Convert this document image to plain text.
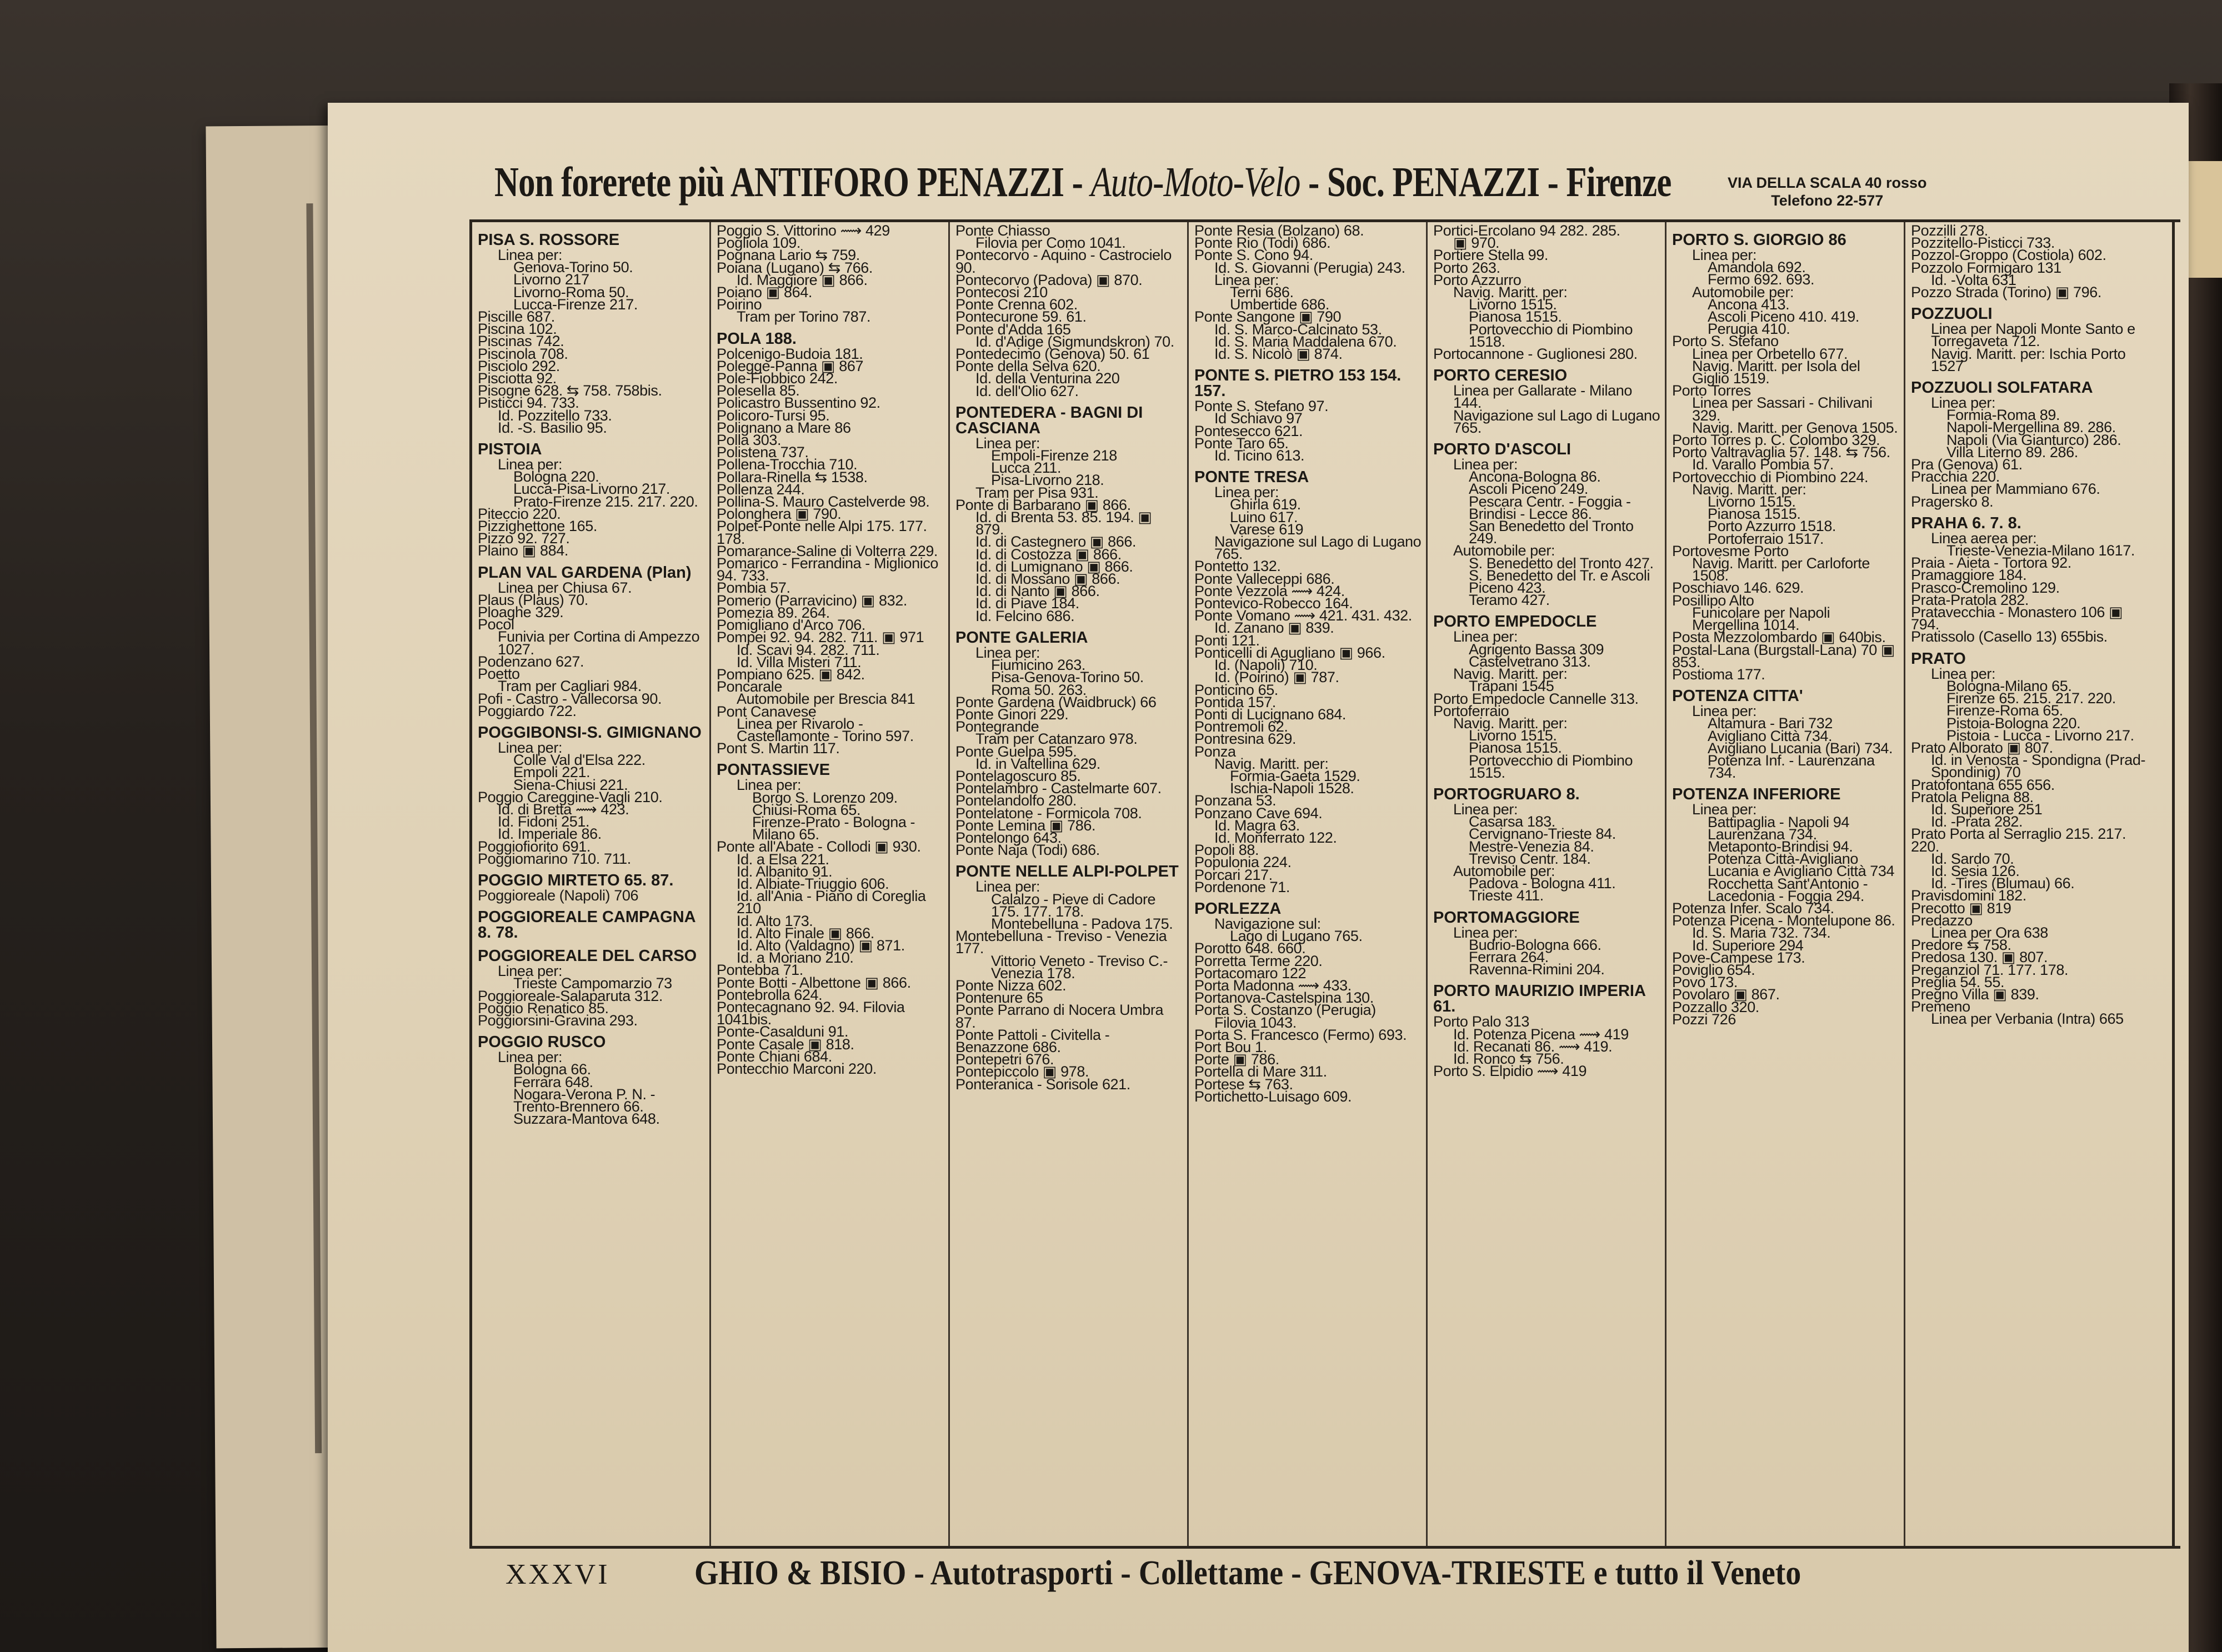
Non forerete più ANTIFORO PENAZZI - Auto-Moto-Velo - Soc. PENAZZI - Firenze	VIA DELLA SCALA 40 rosso
Telefono 22-577
PISA S. ROSSORE
Linea per:
Genova-Torino 50.
Livorno 217
Livorno-Roma 50.
Lucca-Firenze 217.
Piscille 687.
Piscina 102.
Piscinas 742.
Piscinola 708.
Pisciolo 292.
Pisciotta 92.
Pisogne 628. ⇆ 758. 758bis.
Pisticci 94. 733.
Id. Pozzitello 733.
Id. -S. Basilio 95.
PISTOIA
Linea per:
Bologna 220.
Lucca-Pisa-Livorno 217.
Prato-Firenze 215. 217. 220.
Piteccio 220.
Pizzighettone 165.
Pizzo 92. 727.
Plaino ▣ 884.
PLAN VAL GARDENA (Plan)
Linea per Chiusa 67.
Plaus (Plaus) 70.
Ploaghe 329.
Pocol
Funivia per Cortina di Ampezzo 1027.
Podenzano 627.
Poetto
Tram per Cagliari 984.
Pofi - Castro - Vallecorsa 90.
Poggiardo 722.
POGGIBONSI-S. GIMIGNANO
Linea per:
Colle Val d'Elsa 222.
Empoli 221.
Siena-Chiusi 221.
Poggio Careggine-Vagli 210.
Id. di Bretta ⟿ 423.
Id. Fidoni 251.
Id. Imperiale 86.
Poggiofiorito 691.
Poggiomarino 710. 711.
POGGIO MIRTETO 65. 87.
Poggioreale (Napoli) 706
POGGIOREALE CAMPAGNA 8. 78.
POGGIOREALE DEL CARSO
Linea per:
Trieste Campomarzio 73
Poggioreale-Salaparuta 312.
Poggio Renatico 85.
Poggiorsini-Gravina 293.
POGGIO RUSCO
Linea per:
Bologna 66.
Ferrara 648.
Nogara-Verona P. N. - Trento-Brennero 66.
Suzzara-Mantova 648.
Poggio S. Vittorino ⟿ 429
Pogliola 109.
Pognana Lario ⇆ 759.
Poiana (Lugano) ⇆ 766.
Id. Maggiore ▣ 866.
Poiano ▣ 864.
Poirino
Tram per Torino 787.
POLA 188.
Polcenigo-Budoia 181.
Polegge-Panna ▣ 867
Pole-Fiobbico 242.
Polesella 85.
Policastro Bussentino 92.
Policoro-Tursi 95.
Polignano a Mare 86
Polla 303.
Polistena 737.
Pollena-Trocchia 710.
Pollara-Rinella ⇆ 1538.
Pollenza 244.
Pollina-S. Mauro Castelverde 98.
Polonghera ▣ 790.
Polpet-Ponte nelle Alpi 175. 177. 178.
Pomarance-Saline di Volterra 229.
Pomarico - Ferrandina - Miglionico 94. 733.
Pombia 57.
Pomerio (Parravicino) ▣ 832.
Pomezia 89. 264.
Pomigliano d'Arco 706.
Pompei 92. 94. 282. 711. ▣ 971
Id. Scavi 94. 282. 711.
Id. Villa Misteri 711.
Pompiano 625. ▣ 842.
Poncarale
Automobile per Brescia 841
Pont Canavese
Linea per Rivarolo - Castellamonte - Torino 597.
Pont S. Martin 117.
PONTASSIEVE
Linea per:
Borgo S. Lorenzo 209.
Chiusi-Roma 65.
Firenze-Prato - Bologna - Milano 65.
Ponte all'Abate - Collodi ▣ 930.
Id. a Elsa 221.
Id. Albanito 91.
Id. Albiate-Triuggio 606.
Id. all'Ania - Piano di Coreglia 210
Id. Alto 173.
Id. Alto Finale ▣ 866.
Id. Alto (Valdagno) ▣ 871.
Id. a Moriano 210.
Pontebba 71.
Ponte Botti - Albettone ▣ 866.
Pontebrolla 624.
Pontecagnano 92. 94. Filovia 1041bis.
Ponte-Casalduni 91.
Ponte Casale ▣ 818.
Ponte Chiani 684.
Pontecchio Marconi 220.
Ponte Chiasso
Filovia per Como 1041.
Pontecorvo - Aquino - Castrocielo 90.
Pontecorvo (Padova) ▣ 870.
Pontecosi 210
Ponte Crenna 602.
Pontecurone 59. 61.
Ponte d'Adda 165
Id. d'Adige (Sigmundskron) 70.
Pontedecimo (Genova) 50. 61
Ponte della Selva 620.
Id. della Venturina 220
Id. dell'Olio 627.
PONTEDERA - BAGNI DI CASCIANA
Linea per:
Empoli-Firenze 218
Lucca 211.
Pisa-Livorno 218.
Tram per Pisa 931.
Ponte di Barbarano ▣ 866.
Id. di Brenta 53. 85. 194. ▣ 879.
Id. di Castegnero ▣ 866.
Id. di Costozza ▣ 866.
Id. di Lumignano ▣ 866.
Id. di Mossano ▣ 866.
Id. di Nanto ▣ 866.
Id. di Piave 184.
Id. Felcino 686.
PONTE GALERIA
Linea per:
Fiumicino 263.
Pisa-Genova-Torino 50.
Roma 50. 263.
Ponte Gardena (Waidbruck) 66
Ponte Ginori 229.
Pontegrande
Tram per Catanzaro 978.
Ponte Guelpa 595.
Id. in Valtellina 629.
Pontelagoscuro 85.
Pontelambro - Castelmarte 607.
Pontelandolfo 280.
Pontelatone - Formicola 708.
Ponte Lemina ▣ 786.
Pontelongo 643.
Ponte Naja (Todi) 686.
PONTE NELLE ALPI-POLPET
Linea per:
Calalzo - Pieve di Cadore 175. 177. 178.
Montebelluna - Padova 175.
Montebelluna - Treviso - Venezia 177.
Vittorio Veneto - Treviso C.-Venezia 178.
Ponte Nizza 602.
Pontenure 65
Ponte Parrano di Nocera Umbra 87.
Ponte Pattoli - Civitella - Benazzone 686.
Pontepetri 676.
Pontepiccolo ▣ 978.
Ponteranica - Sorisole 621.
Ponte Resia (Bolzano) 68.
Ponte Rio (Todi) 686.
Ponte S. Cono 94.
Id. S. Giovanni (Perugia) 243.
Linea per:
Terni 686.
Umbertide 686.
Ponte Sangone ▣ 790
Id. S. Marco-Calcinato 53.
Id. S. Maria Maddalena 670.
Id. S. Nicolò ▣ 874.
PONTE S. PIETRO 153 154. 157.
Ponte S. Stefano 97.
Id Schiavo 97
Pontesecco 621.
Ponte Taro 65.
Id. Ticino 613.
PONTE TRESA
Linea per:
Ghirla 619.
Luino 617.
Varese 619
Navigazione sul Lago di Lugano 765.
Pontetto 132.
Ponte Valleceppi 686.
Ponte Vezzola ⟿ 424.
Pontevico-Robecco 164.
Ponte Vomano ⟿ 421. 431. 432.
Id. Zanano ▣ 839.
Ponti 121.
Ponticelli di Agugliano ▣ 966.
Id. (Napoli) 710.
Id. (Poirino) ▣ 787.
Ponticino 65.
Pontida 157.
Ponti di Lucignano 684.
Pontremoli 62.
Pontresina 629.
Ponza
Navig. Maritt. per:
Formia-Gaeta 1529.
Ischia-Napoli 1528.
Ponzana 53.
Ponzano Cave 694.
Id. Magra 63.
Id. Monferrato 122.
Popoli 88.
Populonia 224.
Porcari 217.
Pordenone 71.
PORLEZZA
Navigazione sul:
Lago di Lugano 765.
Porotto 648. 660.
Porretta Terme 220.
Portacomaro 122
Porta Madonna ⟿ 433.
Portanova-Castelspina 130.
Porta S. Costanzo (Perugia)
Filovia 1043.
Porta S. Francesco (Fermo) 693.
Port Bou 1.
Porte ▣ 786.
Portella di Mare 311.
Portese ⇆ 763.
Portichetto-Luisago 609.
Portici-Ercolano 94 282. 285.
▣ 970.
Portiere Stella 99.
Porto 263.
Porto Azzurro
Navig. Maritt. per:
Livorno 1515.
Pianosa 1515.
Portovecchio di Piombino 1518.
Portocannone - Guglionesi 280.
PORTO CERESIO
Linea per Gallarate - Milano 144.
Navigazione sul Lago di Lugano 765.
PORTO D'ASCOLI
Linea per:
Ancona-Bologna 86.
Ascoli Piceno 249.
Pescara Centr. - Foggia - Brindisi - Lecce 86.
San Benedetto del Tronto 249.
Automobile per:
S. Benedetto del Tronto 427.
S. Benedetto del Tr. e Ascoli Piceno 423.
Teramo 427.
PORTO EMPEDOCLE
Linea per:
Agrigento Bassa 309
Castelvetrano 313.
Navig. Maritt. per:
Trapani 1545
Porto Empedocle Cannelle 313.
Portoferraio
Navig. Maritt. per:
Livorno 1515.
Pianosa 1515.
Portovecchio di Piombino 1515.
PORTOGRUARO 8.
Linea per:
Casarsa 183.
Cervignano-Trieste 84.
Mestre-Venezia 84.
Treviso Centr. 184.
Automobile per:
Padova - Bologna 411.
Trieste 411.
PORTOMAGGIORE
Linea per:
Budrio-Bologna 666.
Ferrara 264.
Ravenna-Rimini 204.
PORTO MAURIZIO IMPERIA 61.
Porto Palo 313
Id. Potenza Picena ⟿ 419
Id. Recanati 86. ⟿ 419.
Id. Ronco ⇆ 756.
Porto S. Elpidio ⟿ 419
PORTO S. GIORGIO 86
Linea per:
Amandola 692.
Fermo 692. 693.
Automobile per:
Ancona 413.
Ascoli Piceno 410. 419.
Perugia 410.
Porto S. Stefano
Linea per Orbetello 677.
Navig. Maritt. per Isola del Giglio 1519.
Porto Torres
Linea per Sassari - Chilivani 329.
Navig. Maritt. per Genova 1505.
Porto Torres p. C. Colombo 329.
Porto Valtravaglia 57. 148. ⇆ 756.
Id. Varallo Pombia 57.
Portovecchio di Piombino 224.
Navig. Maritt. per:
Livorno 1515.
Pianosa 1515.
Porto Azzurro 1518.
Portoferraio 1517.
Portovesme Porto
Navig. Maritt. per Carloforte 1508.
Poschiavo 146. 629.
Posillipo Alto
Funicolare per Napoli Mergellina 1014.
Posta Mezzolombardo ▣ 640bis.
Postal-Lana (Burgstall-Lana) 70 ▣ 853.
Postioma 177.
POTENZA CITTA'
Linea per:
Altamura - Bari 732
Avigliano Città 734.
Avigliano Lucania (Bari) 734.
Potenza Inf. - Laurenzana 734.
POTENZA INFERIORE
Linea per:
Battipaglia - Napoli 94
Laurenzana 734.
Metaponto-Brindisi 94.
Potenza Città-Avigliano Lucania e Avigliano Città 734
Rocchetta Sant'Antonio - Lacedonia - Foggia 294.
Potenza Infer. Scalo 734.
Potenza Picena - Montelupone 86.
Id. S. Maria 732. 734.
Id. Superiore 294
Pove-Campese 173.
Poviglio 654.
Povo 173.
Povolaro ▣ 867.
Pozzallo 320.
Pozzi 726
Pozzilli 278.
Pozzitello-Pisticci 733.
Pozzol-Groppo (Costiola) 602.
Pozzolo Formigaro 131
Id. -Volta 631
Pozzo Strada (Torino) ▣ 796.
POZZUOLI
Linea per Napoli Monte Santo e Torregaveta 712.
Navig. Maritt. per: Ischia Porto 1527
POZZUOLI SOLFATARA
Linea per:
Formia-Roma 89.
Napoli-Mergellina 89. 286.
Napoli (Via Gianturco) 286.
Villa Literno 89. 286.
Pra (Genova) 61.
Pracchia 220.
Linea per Mammiano 676.
Pragersko 8.
PRAHA 6. 7. 8.
Linea aerea per:
Trieste-Venezia-Milano 1617.
Praia - Aieta - Tortora 92.
Pramaggiore 184.
Prasco-Cremolino 129.
Prata-Pratola 282.
Pratavecchia - Monastero 106 ▣ 794.
Pratissolo (Casello 13) 655bis.
PRATO
Linea per:
Bologna-Milano 65.
Firenze 65. 215. 217. 220.
Firenze-Roma 65.
Pistoia-Bologna 220.
Pistoia - Lucca - Livorno 217.
Prato Alborato ▣ 807.
Id. in Venosta - Spondigna (Prad-Spondinig) 70
Pratofontana 655 656.
Pratola Peligna 88.
Id. Superiore 251
Id. -Prata 282.
Prato Porta al Serraglio 215. 217. 220.
Id. Sardo 70.
Id. Sesia 126.
Id. -Tires (Blumau) 66.
Pravisdomini 182.
Precotto ▣ 819
Predazzo
Linea per Ora 638
Predore ⇆ 758.
Predosa 130. ▣ 807.
Preganziol 71. 177. 178.
Preglia 54. 55.
Pregno Villa ▣ 839.
Premeno
Linea per Verbania (Intra) 665
XXXVI GHIO & BISIO - Autotrasporti - Collettame - GENOVA-TRIESTE e tutto il Veneto
